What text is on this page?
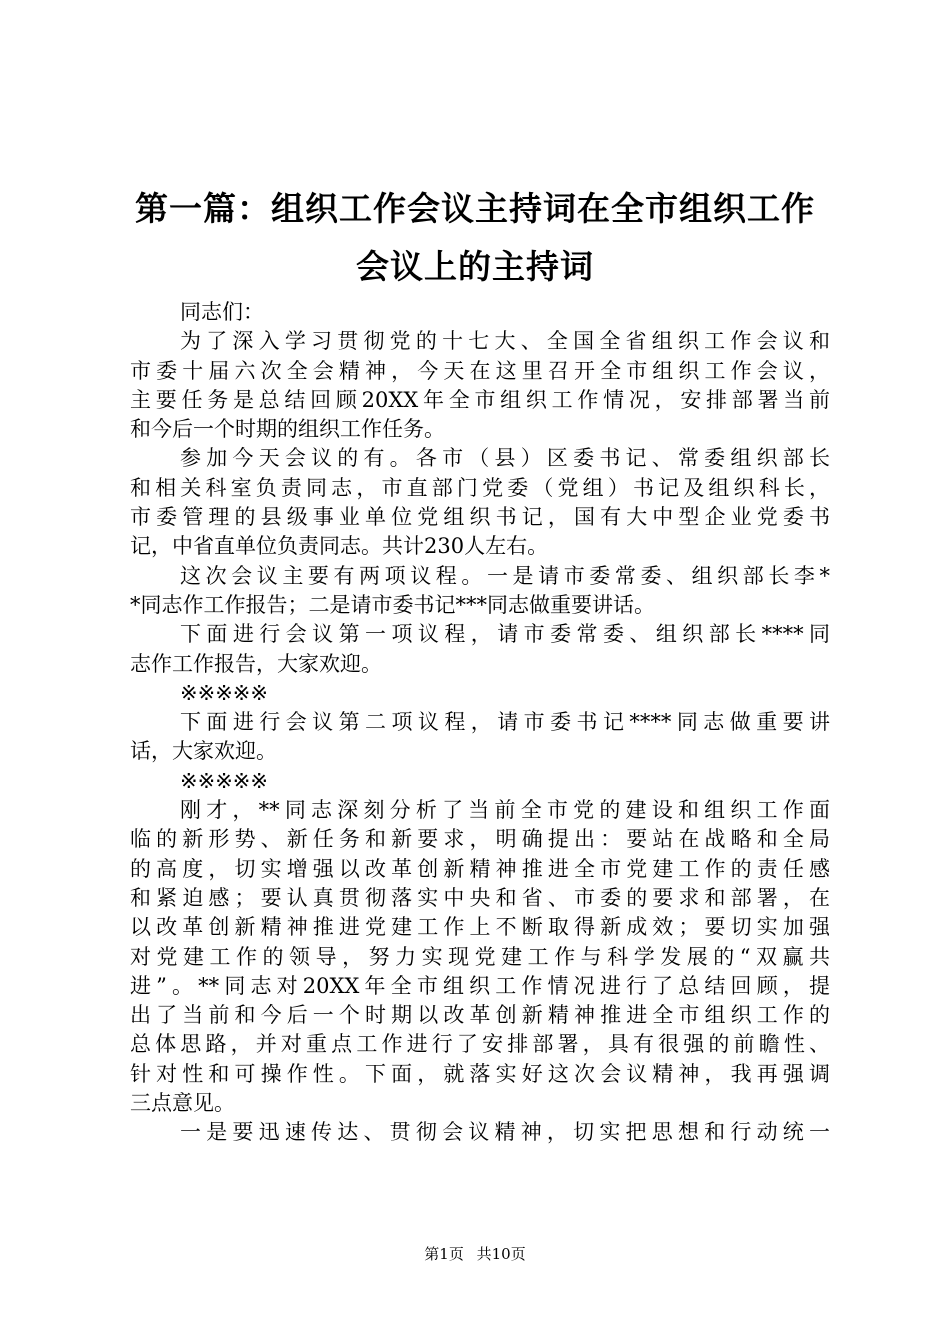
第一篇：组织工作会议主持词在全市组织工作
会议上的主持词
同志们：
为了深入学习贯彻党的十七大、全国全省组织工作会议和
市委十届六次全会精神，今天在这里召开全市组织工作会议，
主要任务是总结回顾20XX年全市组织工作情况，安排部署当前
和今后一个时期的组织工作任务。
参加今天会议的有。各市（县）区委书记、常委组织部长
和相关科室负责同志，市直部门党委（党组）书记及组织科长，
市委管理的县级事业单位党组织书记，国有大中型企业党委书
记，中省直单位负责同志。共计230人左右。
这次会议主要有两项议程。一是请市委常委、组织部长李*
*同志作工作报告；二是请市委书记***同志做重要讲话。
下面进行会议第一项议程，请市委常委、组织部长****同
志作工作报告，大家欢迎。
※※※※※
下面进行会议第二项议程，请市委书记****同志做重要讲
话，大家欢迎。
※※※※※
刚才，**同志深刻分析了当前全市党的建设和组织工作面
临的新形势、新任务和新要求，明确提出：要站在战略和全局
的高度，切实增强以改革创新精神推进全市党建工作的责任感
和紧迫感；要认真贯彻落实中央和省、市委的要求和部署，在
以改革创新精神推进党建工作上不断取得新成效；要切实加强
对党建工作的领导，努力实现党建工作与科学发展的“双赢共
进”。**同志对20XX年全市组织工作情况进行了总结回顾，提
出了当前和今后一个时期以改革创新精神推进全市组织工作的
总体思路，并对重点工作进行了安排部署，具有很强的前瞻性、
针对性和可操作性。下面，就落实好这次会议精神，我再强调
三点意见。
一是要迅速传达、贯彻会议精神，切实把思想和行动统一
第1页 共10页
